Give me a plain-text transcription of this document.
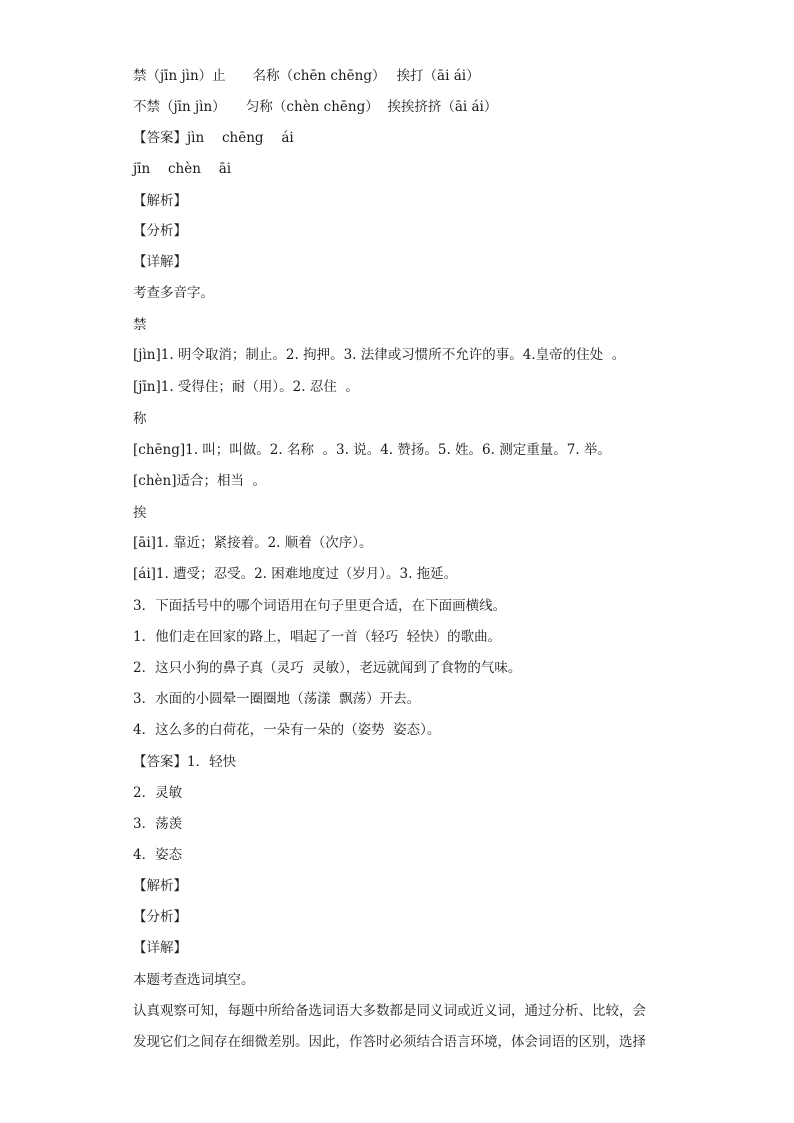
禁（jīn jìn）止　　名称（chēn chēng）　 挨打（āi ái）
不禁（jīn jìn）　　匀称（chèn chēng）  挨挨挤挤（āi ái）
【答案】jìn　 chēng　 ái
jīn　 chèn　 āi
【解析】
【分析】
【详解】
考查多音字。
禁
[jìn]1. 明令取消；制止。2. 拘押。3. 法律或习惯所不允许的事。4.皇帝的住处  。
[jīn]1. 受得住；耐（用）。2. 忍住  。
称
[chēng]1. 叫；叫做。2. 名称  。3. 说。4. 赞扬。5. 姓。6. 测定重量。7. 举。
[chèn]适合；相当  。
挨
[āi]1. 靠近；紧接着。2. 顺着（次序）。
[ái]1. 遭受；忍受。2. 困难地度过（岁月）。3. 拖延。
3．下面括号中的哪个词语用在句子里更合适，在下面画横线。
1．他们走在回家的路上，唱起了一首（轻巧  轻快）的歌曲。
2．这只小狗的鼻子真（灵巧  灵敏），老远就闻到了食物的气味。
3．水面的小圆晕一圈圈地（荡漾  飘荡）开去。
4．这么多的白荷花，一朵有一朵的（姿势  姿态）。
【答案】1．轻快
2．灵敏
3．荡羡
4．姿态
【解析】
【分析】
【详解】
本题考查选词填空。
认真观察可知，每题中所给备选词语大多数都是同义词或近义词，通过分析、比较，会
发现它们之间存在细微差别。因此，作答时必须结合语言环境，体会词语的区别，选择
